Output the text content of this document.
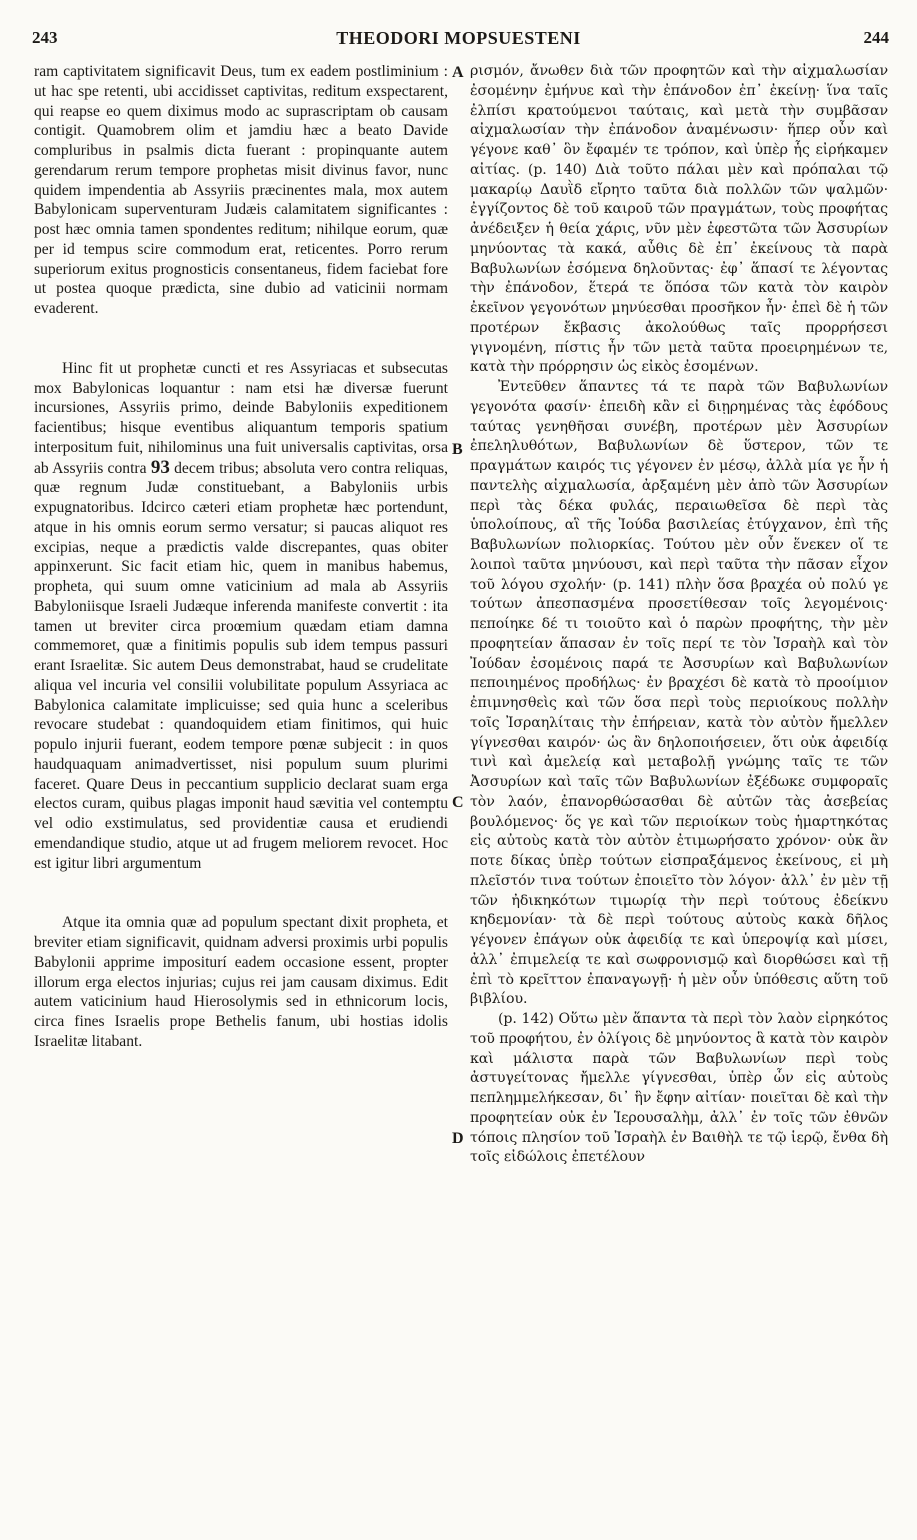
243	THEODORI MOPSUESTENI	244

ram captivitatem significavit Deus, tum ex eadem postliminium : ut hac spe retenti, ubi accidisset captivitas, reditum exspectarent, qui reapse eo quem diximus modo ac suprascriptam ob causam contigit. Quamobrem olim et jamdiu hæc a beato Davide compluribus in psalmis dicta fuerant : propinquante autem gerendarum rerum tempore prophetas misit divinus favor, nunc quidem impendentia ab Assyriis præcinentes mala, mox autem Babylonicam superventuram Judæis calamitatem significantes : post hæc omnia tamen spondentes reditum; nihilque eorum, quæ per id tempus scire commodum erat, reticentes. Porro rerum superiorum exitus prognosticis consentaneus, fidem faciebat fore ut postea quoque prædicta, sine dubio ad vaticinii normam evaderent.

Hinc fit ut prophetæ cuncti et res Assyriacas et subsecutas mox Babylonicas loquantur : nam etsi hæ diversæ fuerunt incursiones, Assyriis primo, deinde Babyloniis expeditionem facientibus; hisque eventibus aliquantum temporis spatium interpositum fuit, nihilominus una fuit universalis captivitas, orsa ab Assyriis contra 93 decem tribus; absoluta vero contra reliquas, quæ regnum Judæ constituebant, a Babyloniis urbis expugnatoribus. Idcirco cæteri etiam prophetæ hæc portendunt, atque in his omnis eorum sermo versatur; si paucas aliquot res excipias, neque a prædictis valde discrepantes, quas obiter appinxerunt. Sic facit etiam hic, quem in manibus habemus, propheta, qui suum omne vaticinium ad mala ab Assyriis Babyloniisque Israeli Judæque inferenda manifeste convertit : ita tamen ut breviter circa proœmium quædam etiam damna commemoret, quæ a finitimis populis sub idem tempus passuri erant Israelitæ. Sic autem Deus demonstrabat, haud se crudelitate aliqua vel incuria vel consilii volubilitate populum Assyriaca ac Babylonica calamitate implicuisse; sed quia hunc a sceleribus revocare studebat : quandoquidem etiam finitimos, qui huic populo injurii fuerant, eodem tempore pœnæ subjecit : in quos haudquaquam animadvertisset, nisi populum suum plurimi faceret. Quare Deus in peccantium supplicio declarat suam erga electos curam, quibus plagas imponit haud sævitia vel contemptu vel odio exstimulatus, sed providentiæ causa et erudiendi emendandique studio, atque ut ad frugem meliorem revocet. Hoc est igitur libri argumentum

Atque ita omnia quæ ad populum spectant dixit propheta, et breviter etiam significavit, quidnam adversi proximis urbi populis Babylonii apprime impositurí eadem occasione essent, propter illorum erga electos injurias; cujus rei jam causam diximus. Edit autem vaticinium haud Hierosolymis sed in ethnicorum locis, circa fines Israelis prope Bethelis fanum, ubi hostias idolis Israelitæ litabant.

A
B
C
D

ρισμόν, ἄνωθεν διὰ τῶν προφητῶν καὶ τὴν αἰχμαλωσίαν ἐσομένην ἐμήνυε καὶ τὴν ἐπάνοδον ἐπ᾽ ἐκείνῃ· ἵνα ταῖς ἐλπίσι κρατούμενοι ταύταις, καὶ μετὰ τὴν συμβᾶσαν αἰχμαλωσίαν τὴν ἐπάνοδον ἀναμένωσιν· ἥπερ οὖν καὶ γέγονε καθ᾽ ὃν ἔφαμέν τε τρόπον, καὶ ὑπὲρ ἧς εἰρήκαμεν αἰτίας. (p. 140) Διὰ τοῦτο πάλαι μὲν καὶ πρόπαλαι τῷ μακαρίῳ Δαυῒδ εἴρητο ταῦτα διὰ πολλῶν τῶν ψαλμῶν· ἐγγίζοντος δὲ τοῦ καιροῦ τῶν πραγμάτων, τοὺς προφήτας ἀνέδειξεν ἡ θεία χάρις, νῦν μὲν ἐφεστῶτα τῶν Ἀσσυρίων μηνύοντας τὰ κακά, αὖθις δὲ ἐπ᾽ ἐκείνους τὰ παρὰ Βαβυλωνίων ἐσόμενα δηλοῦντας· ἐφ᾽ ἅπασί τε λέγοντας τὴν ἐπάνοδον, ἕτερά τε ὅπόσα τῶν κατὰ τὸν καιρὸν ἐκεῖνον γεγονότων μηνύεσθαι προσῆκον ἦν· ἐπεὶ δὲ ἡ τῶν προτέρων ἔκβασις ἀκολούθως ταῖς προρρήσεσι γιγνομένη, πίστις ἦν τῶν μετὰ ταῦτα προειρημένων τε, κατὰ τὴν πρόρρησιν ὡς εἰκὸς ἐσομένων.

Ἐντεῦθεν ἅπαντες τά τε παρὰ τῶν Βαβυλωνίων γεγονότα φασίν· ἐπειδὴ κἂν εἰ διῃρημένας τὰς ἐφόδους ταύτας γενηθῆσαι συνέβη, προτέρων μὲν Ἀσσυρίων ἐπεληλυθότων, Βαβυλωνίων δὲ ὕστερον, τῶν τε πραγμάτων καιρός τις γέγονεν ἐν μέσῳ, ἀλλὰ μία γε ἦν ἡ παντελὴς αἰχμαλωσία, ἀρξαμένη μὲν ἀπὸ τῶν Ἀσσυρίων περὶ τὰς δέκα φυλάς, περαιωθεῖσα δὲ περὶ τὰς ὑπολοίπους, αἳ τῆς Ἰούδα βασιλείας ἐτύγχανον, ἐπὶ τῆς Βαβυλωνίων πολιορκίας. Τούτου μὲν οὖν ἕνεκεν οἵ τε λοιποὶ ταῦτα μηνύουσι, καὶ περὶ ταῦτα τὴν πᾶσαν εἶχον τοῦ λόγου σχολήν· (p. 141) πλὴν ὅσα βραχέα οὐ πολύ γε τούτων ἀπεσπασμένα προσετίθεσαν τοῖς λεγομένοις· πεποίηκε δέ τι τοιοῦτο καὶ ὁ παρὼν προφήτης, τὴν μὲν προφητείαν ἅπασαν ἐν τοῖς περί τε τὸν Ἰσραὴλ καὶ τὸν Ἰούδαν ἐσομένοις παρά τε Ἀσσυρίων καὶ Βαβυλωνίων πεποιημένος προδήλως· ἐν βραχέσι δὲ κατὰ τὸ προοίμιον ἐπιμνησθεὶς καὶ τῶν ὅσα περὶ τοὺς περιοίκους πολλὴν τοῖς Ἰσραηλίταις τὴν ἐπήρειαν, κατὰ τὸν αὐτὸν ἤμελλεν γίγνεσθαι καιρόν· ὡς ἂν δηλοποιήσειεν, ὅτι οὐκ ἀφειδίᾳ τινὶ καὶ ἀμελείᾳ καὶ μεταβολῇ γνώμης ταῖς τε τῶν Ἀσσυρίων καὶ ταῖς τῶν Βαβυλωνίων ἐξέδωκε συμφοραῖς τὸν λαόν, ἐπανορθώσασθαι δὲ αὐτῶν τὰς ἀσεβείας βουλόμενος· ὅς γε καὶ τῶν περιοίκων τοὺς ἡμαρτηκότας εἰς αὐτοὺς κατὰ τὸν αὐτὸν ἐτιμωρήσατο χρόνον· οὐκ ἂν ποτε δίκας ὑπὲρ τούτων εἰσπραξάμενος ἐκείνους, εἰ μὴ πλεῖστόν τινα τούτων ἐποιεῖτο τὸν λόγον· ἀλλ᾽ ἐν μὲν τῇ τῶν ἠδικηκότων τιμωρίᾳ τὴν περὶ τούτους ἐδείκνυ κηδεμονίαν· τὰ δὲ περὶ τούτους αὐτοὺς κακὰ δῆλος γέγονεν ἐπάγων οὐκ ἀφειδίᾳ τε καὶ ὑπεροψίᾳ καὶ μίσει, ἀλλ᾽ ἐπιμελείᾳ τε καὶ σωφρονισμῷ καὶ διορθώσει καὶ τῇ ἐπὶ τὸ κρεῖττον ἐπαναγωγῇ· ἡ μὲν οὖν ὑπόθεσις αὕτη τοῦ βιβλίου.

(p. 142) Οὕτω μὲν ἅπαντα τὰ περὶ τὸν λαὸν εἰρηκότος τοῦ προφήτου, ἐν ὀλίγοις δὲ μηνύοντος ἃ κατὰ τὸν καιρὸν καὶ μάλιστα παρὰ τῶν Βαβυλωνίων περὶ τοὺς ἀστυγείτονας ἤμελλε γίγνεσθαι, ὑπὲρ ὧν εἰς αὐτοὺς πεπλημμελήκεσαν, δι᾽ ἣν ἔφην αἰτίαν· ποιεῖται δὲ καὶ τὴν προφητείαν οὐκ ἐν Ἱερουσαλὴμ, ἀλλ᾽ ἐν τοῖς τῶν ἐθνῶν τόποις πλησίον τοῦ Ἰσραὴλ ἐν Βαιθὴλ τε τῷ ἱερῷ, ἔνθα δὴ τοῖς εἰδώλοις ἐπετέλουν
